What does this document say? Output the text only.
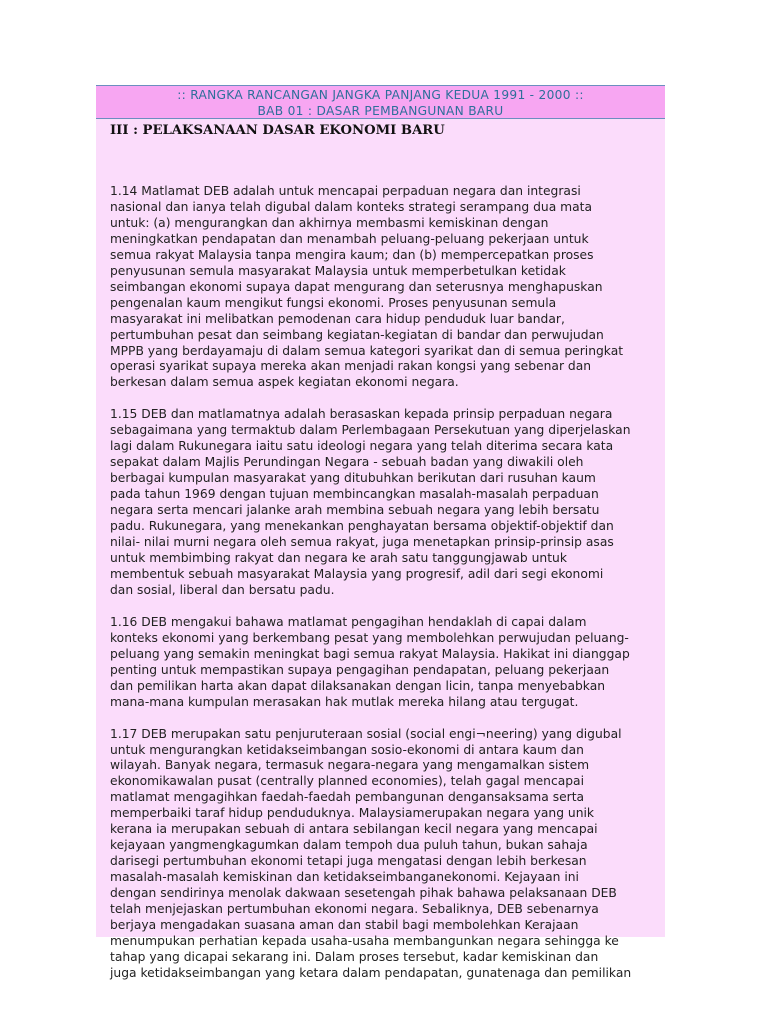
:: RANGKA RANCANGAN JANGKA PANJANG KEDUA 1991 - 2000 ::
BAB 01 : DASAR PEMBANGUNAN BARU
III : PELAKSANAAN DASAR EKONOMI BARU

1.14 Matlamat DEB adalah untuk mencapai perpaduan negara dan integrasi
nasional dan ianya telah digubal dalam konteks strategi serampang dua mata
untuk: (a) mengurangkan dan akhirnya membasmi kemiskinan dengan
meningkatkan pendapatan dan menambah peluang-peluang pekerjaan untuk
semua rakyat Malaysia tanpa mengira kaum; dan (b) mempercepatkan proses
penyusunan semula masyarakat Malaysia untuk memperbetulkan ketidak
seimbangan ekonomi supaya dapat mengurang dan seterusnya menghapuskan
pengenalan kaum mengikut fungsi ekonomi. Proses penyusunan semula
masyarakat ini melibatkan pemodenan cara hidup penduduk luar bandar,
pertumbuhan pesat dan seimbang kegiatan-kegiatan di bandar dan perwujudan
MPPB yang berdayamaju di dalam semua kategori syarikat dan di semua peringkat
operasi syarikat supaya mereka akan menjadi rakan kongsi yang sebenar dan
berkesan dalam semua aspek kegiatan ekonomi negara.

1.15 DEB dan matlamatnya adalah berasaskan kepada prinsip perpaduan negara
sebagaimana yang termaktub dalam Perlembagaan Persekutuan yang diperjelaskan
lagi dalam Rukunegara iaitu satu ideologi negara yang telah diterima secara kata
sepakat dalam Majlis Perundingan Negara - sebuah badan yang diwakili oleh
berbagai kumpulan masyarakat yang ditubuhkan berikutan dari rusuhan kaum
pada tahun 1969 dengan tujuan membincangkan masalah-masalah perpaduan
negara serta mencari jalanke arah membina sebuah negara yang lebih bersatu
padu. Rukunegara, yang menekankan penghayatan bersama objektif-objektif dan
nilai- nilai murni negara oleh semua rakyat, juga menetapkan prinsip-prinsip asas
untuk membimbing rakyat dan negara ke arah satu tanggungjawab untuk
membentuk sebuah masyarakat Malaysia yang progresif, adil dari segi ekonomi
dan sosial, liberal dan bersatu padu.

1.16 DEB mengakui bahawa matlamat pengagihan hendaklah di capai dalam
konteks ekonomi yang berkembang pesat yang membolehkan perwujudan peluang-
peluang yang semakin meningkat bagi semua rakyat Malaysia. Hakikat ini dianggap
penting untuk mempastikan supaya pengagihan pendapatan, peluang pekerjaan
dan pemilikan harta akan dapat dilaksanakan dengan licin, tanpa menyebabkan
mana-mana kumpulan merasakan hak mutlak mereka hilang atau tergugat.

1.17 DEB merupakan satu penjuruteraan sosial (social engi¬neering) yang digubal
untuk mengurangkan ketidakseimbangan sosio-ekonomi di antara kaum dan
wilayah. Banyak negara, termasuk negara-negara yang mengamalkan sistem
ekonomikawalan pusat (centrally planned economies), telah gagal mencapai
matlamat mengagihkan faedah-faedah pembangunan dengansaksama serta
memperbaiki taraf hidup penduduknya. Malaysiamerupakan negara yang unik
kerana ia merupakan sebuah di antara sebilangan kecil negara yang mencapai
kejayaan yangmengkagumkan dalam tempoh dua puluh tahun, bukan sahaja
darisegi pertumbuhan ekonomi tetapi juga mengatasi dengan lebih berkesan
masalah-masalah kemiskinan dan ketidakseimbanganekonomi. Kejayaan ini
dengan sendirinya menolak dakwaan sesetengah pihak bahawa pelaksanaan DEB
telah menjejaskan pertumbuhan ekonomi negara. Sebaliknya, DEB sebenarnya
berjaya mengadakan suasana aman dan stabil bagi membolehkan Kerajaan
menumpukan perhatian kepada usaha-usaha membangunkan negara sehingga ke
tahap yang dicapai sekarang ini. Dalam proses tersebut, kadar kemiskinan dan
juga ketidakseimbangan yang ketara dalam pendapatan, gunatenaga dan pemilikan
